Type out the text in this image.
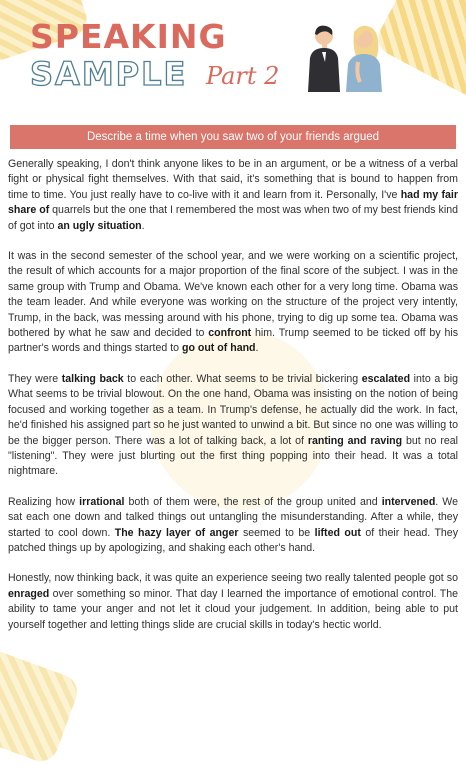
SPEAKING
SAMPLE Part 2
Describe a time when you saw two of your friends argued

Generally speaking, I don't think anyone likes to be in an argument, or be a witness of a verbal fight or physical fight themselves. With that said, it's something that is bound to happen from time to time. You just really have to co-live with it and learn from it. Personally, I've had my fair share of quarrels but the one that I remembered the most was when two of my best friends kind of got into an ugly situation.

It was in the second semester of the school year, and we were working on a scientific project, the result of which accounts for a major proportion of the final score of the subject. I was in the same group with Trump and Obama. We've known each other for a very long time. Obama was the team leader. And while everyone was working on the structure of the project very intently, Trump, in the back, was messing around with his phone, trying to dig up some tea. Obama was bothered by what he saw and decided to confront him. Trump seemed to be ticked off by his partner's words and things started to go out of hand.

They were talking back to each other. What seems to be trivial bickering escalated into a big What seems to be trivial blowout. On the one hand, Obama was insisting on the notion of being focused and working together as a team. In Trump's defense, he actually did the work. In fact, he'd finished his assigned part so he just wanted to unwind a bit. But since no one was willing to be the bigger person. There was a lot of talking back, a lot of ranting and raving but no real "listening". They were just blurting out the first thing popping into their head. It was a total nightmare.

Realizing how irrational both of them were, the rest of the group united and intervened. We sat each one down and talked things out untangling the misunderstanding. After a while, they started to cool down. The hazy layer of anger seemed to be lifted out of their head. They patched things up by apologizing, and shaking each other's hand.

Honestly, now thinking back, it was quite an experience seeing two really talented people got so enraged over something so minor. That day I learned the importance of emotional control. The ability to tame your anger and not let it cloud your judgement. In addition, being able to put yourself together and letting things slide are crucial skills in today's hectic world.
